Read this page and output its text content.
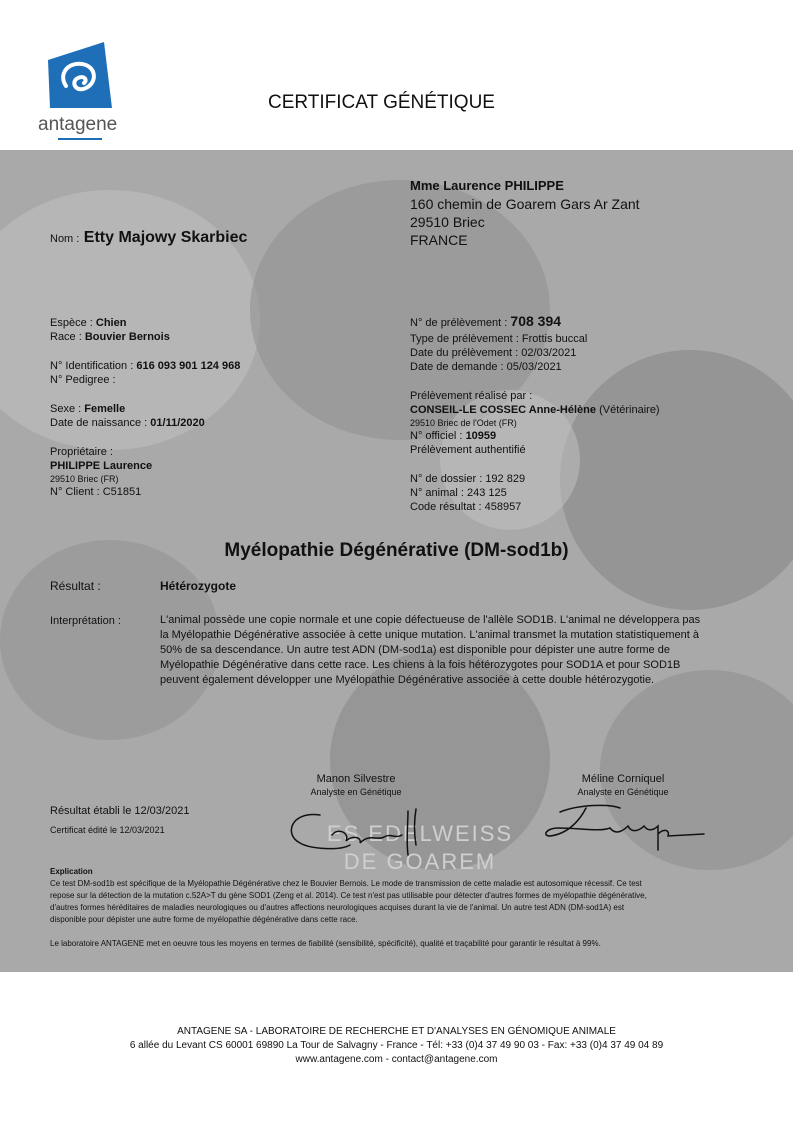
antagene
CERTIFICAT GÉNÉTIQUE
ES EDELWEISS
DE GOAREM
Mme Laurence PHILIPPE
160 chemin de Goarem Gars Ar Zant
29510 Briec
FRANCE
Nom : Etty Majowy Skarbiec
Espèce : Chien
Race : Bouvier Bernois
N° Identification : 616 093 901 124 968
N° Pedigree :
Sexe : Femelle
Date de naissance : 01/11/2020
Propriétaire :
PHILIPPE Laurence
29510 Briec (FR)
N° Client : C51851
N° de prélèvement : 708 394
Type de prélèvement : Frottis buccal
Date du prélèvement : 02/03/2021
Date de demande : 05/03/2021
Prélèvement réalisé par :
CONSEIL-LE COSSEC Anne-Hélène (Vétérinaire)
29510 Briec de l'Odet (FR)
N° officiel : 10959
Prélèvement authentifié
N° de dossier : 192 829
N° animal : 243 125
Code résultat : 458957
Myélopathie Dégénérative (DM-sod1b)
Résultat :	Hétérozygote
Interprétation :	L'animal possède une copie normale et une copie défectueuse de l'allèle SOD1B. L'animal ne développera pas
la Myélopathie Dégénérative associée à cette unique mutation. L'animal transmet la mutation statistiquement à
50% de sa descendance. Un autre test ADN (DM-sod1a) est disponible pour dépister une autre forme de
Myélopathie Dégénérative dans cette race. Les chiens à la fois hétérozygotes pour SOD1A et pour SOD1B
peuvent également développer une Myélopathie Dégénérative associée à cette double hétérozygotie.
Manon Silvestre
Analyste en Génétique
Méline Corniquel
Analyste en Génétique
Résultat établi le 12/03/2021
Certificat édité le 12/03/2021
Explication
Ce test DM-sod1b est spécifique de la Myélopathie Dégénérative chez le Bouvier Bernois. Le mode de transmission de cette maladie est autosomique récessif. Ce test
repose sur la détection de la mutation c.52A>T du gène SOD1 (Zeng et al. 2014). Ce test n'est pas utilisable pour détecter d'autres formes de myélopathie dégénérative,
d'autres formes héréditaires de maladies neurologiques ou d'autres affections neurologiques acquises durant la vie de l'animal. Un autre test ADN (DM-sod1A) est
disponible pour dépister une autre forme de myélopathie dégénérative dans cette race.
Le laboratoire ANTAGENE met en oeuvre tous les moyens en termes de fiabilité (sensibilité, spécificité), qualité et traçabilité pour garantir le résultat à 99%.
ANTAGENE SA - LABORATOIRE DE RECHERCHE ET D'ANALYSES EN GÉNOMIQUE ANIMALE
6 allée du Levant CS 60001 69890 La Tour de Salvagny - France - Tél: +33 (0)4 37 49 90 03 - Fax: +33 (0)4 37 49 04 89
www.antagene.com - contact@antagene.com
